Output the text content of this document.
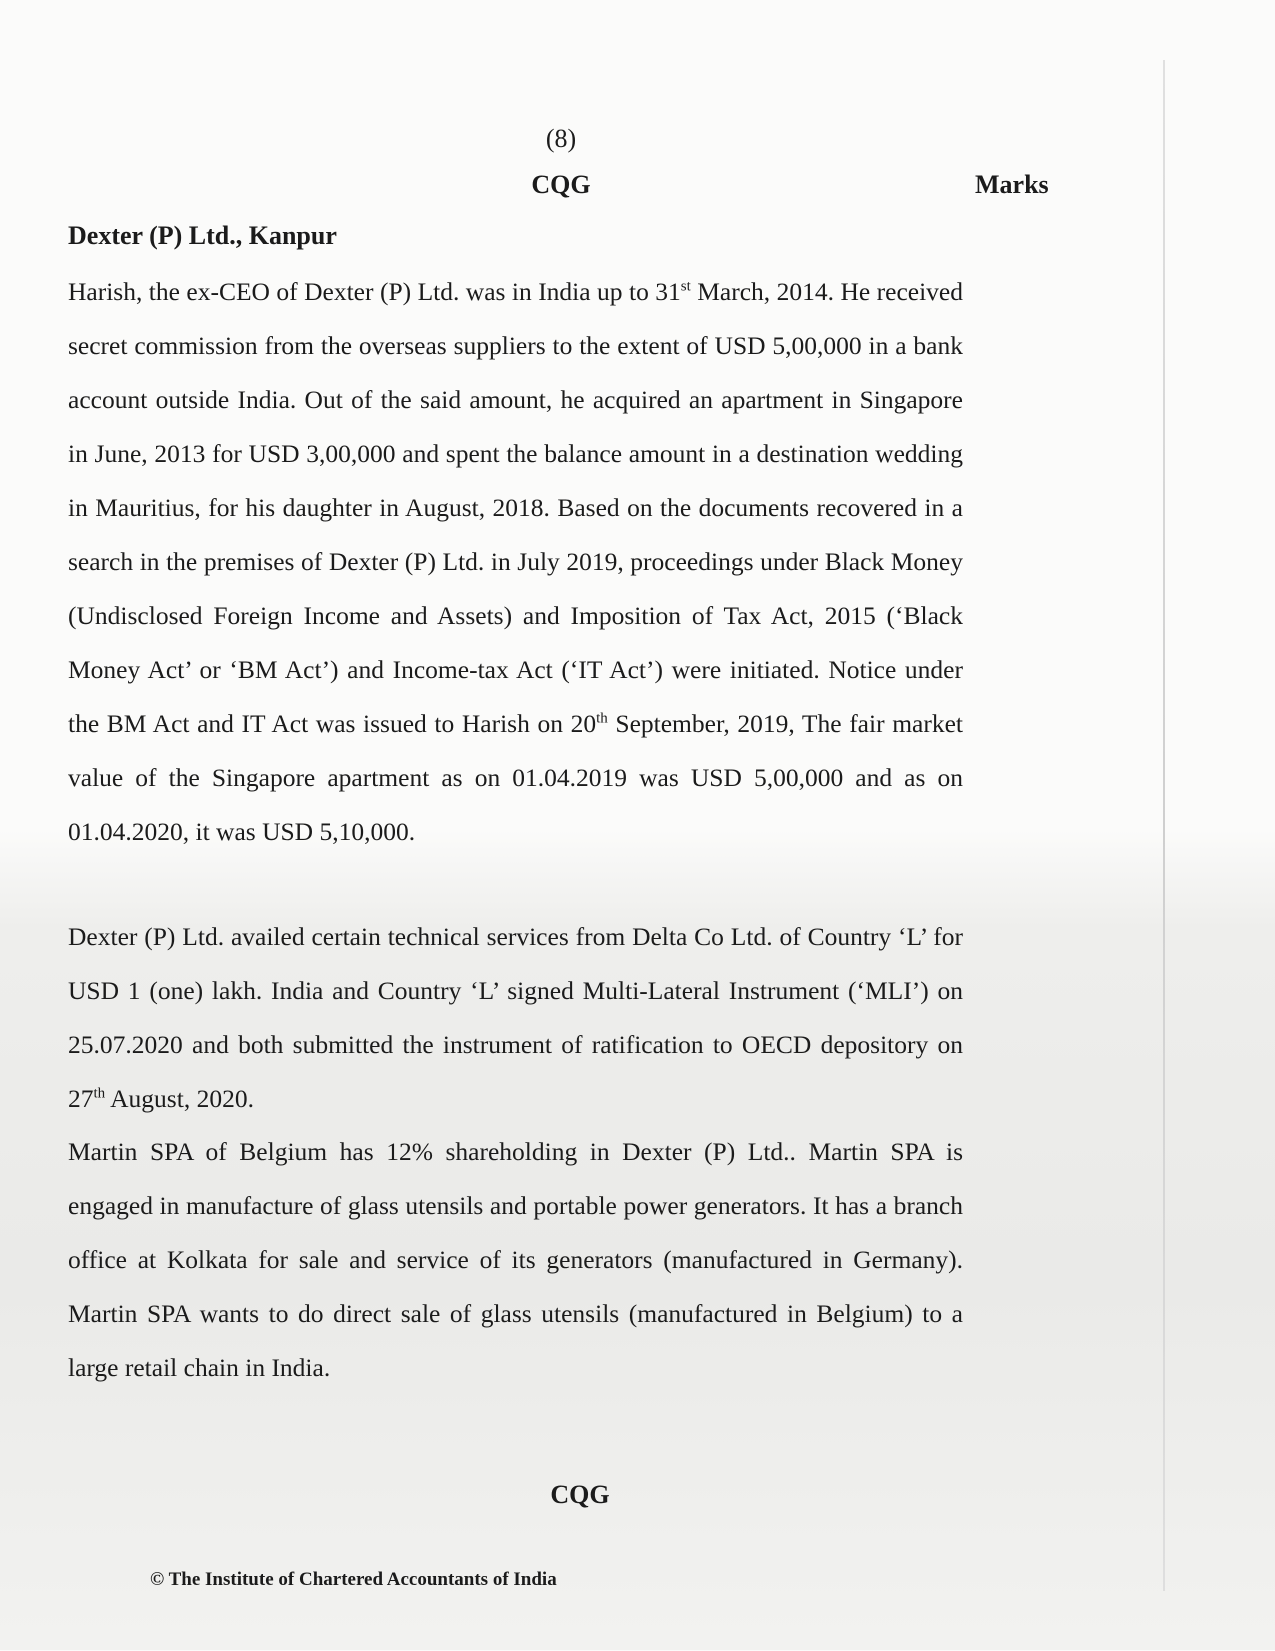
(8)
CQG	Marks
Dexter (P) Ltd., Kanpur

Harish, the ex-CEO of Dexter (P) Ltd. was in India up to 31st March, 2014. He received secret commission from the overseas suppliers to the extent of USD 5,00,000 in a bank account outside India. Out of the said amount, he acquired an apartment in Singapore in June, 2013 for USD 3,00,000 and spent the balance amount in a destination wedding in Mauritius, for his daughter in August, 2018. Based on the documents recovered in a search in the premises of Dexter (P) Ltd. in July 2019, proceedings under Black Money (Undisclosed Foreign Income and Assets) and Imposition of Tax Act, 2015 (‘Black Money Act’ or ‘BM Act’) and Income-tax Act (‘IT Act’) were initiated. Notice under the BM Act and IT Act was issued to Harish on 20th September, 2019, The fair market value of the Singapore apartment as on 01.04.2019 was USD 5,00,000 and as on 01.04.2020, it was USD 5,10,000.

Dexter (P) Ltd. availed certain technical services from Delta Co Ltd. of Country ‘L’ for USD 1 (one) lakh. India and Country ‘L’ signed Multi-Lateral Instrument (‘MLI’) on 25.07.2020 and both submitted the instrument of ratification to OECD depository on 27th August, 2020.

Martin SPA of Belgium has 12% shareholding in Dexter (P) Ltd.. Martin SPA is engaged in manufacture of glass utensils and portable power generators. It has a branch office at Kolkata for sale and service of its generators (manufactured in Germany). Martin SPA wants to do direct sale of glass utensils (manufactured in Belgium) to a large retail chain in India.

CQG
© The Institute of Chartered Accountants of India
